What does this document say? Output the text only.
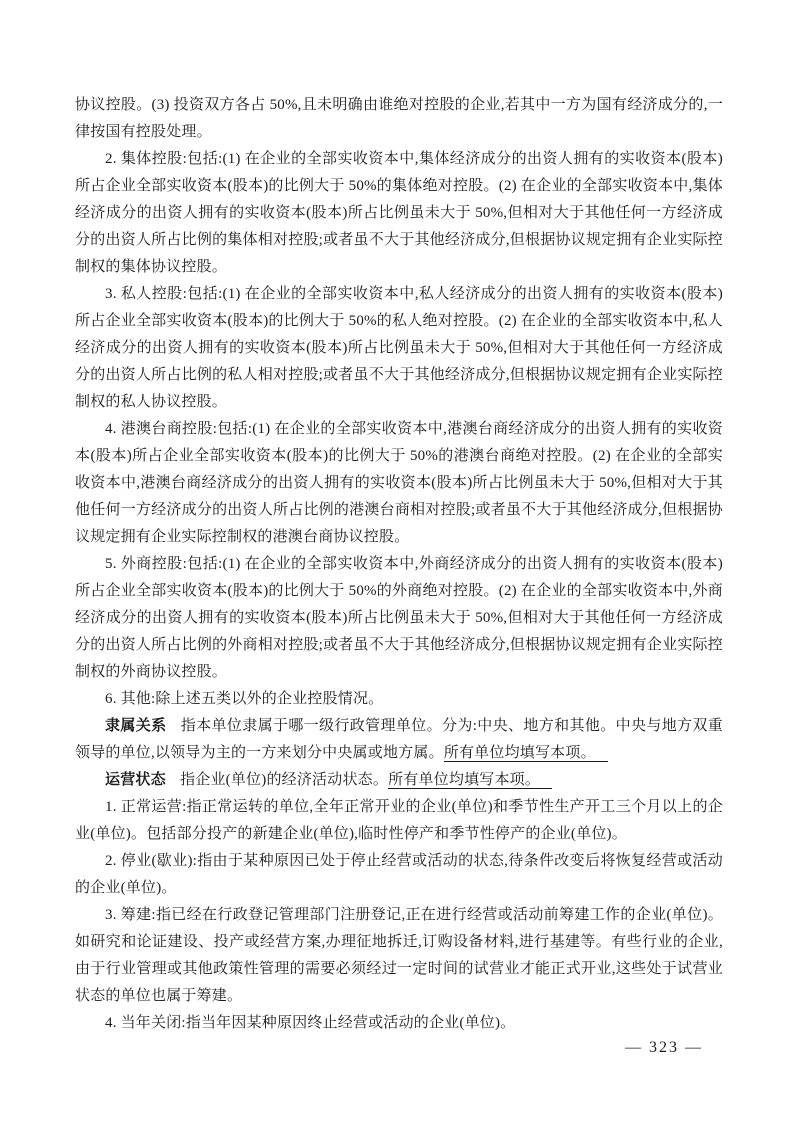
协议控股。(3) 投资双方各占 50%,且未明确由谁绝对控股的企业,若其中一方为国有经济成分的,一律按国有控股处理。

2. 集体控股:包括:(1) 在企业的全部实收资本中,集体经济成分的出资人拥有的实收资本(股本)所占企业全部实收资本(股本)的比例大于 50%的集体绝对控股。(2) 在企业的全部实收资本中,集体经济成分的出资人拥有的实收资本(股本)所占比例虽未大于 50%,但相对大于其他任何一方经济成分的出资人所占比例的集体相对控股;或者虽不大于其他经济成分,但根据协议规定拥有企业实际控制权的集体协议控股。

3. 私人控股:包括:(1) 在企业的全部实收资本中,私人经济成分的出资人拥有的实收资本(股本)所占企业全部实收资本(股本)的比例大于 50%的私人绝对控股。(2) 在企业的全部实收资本中,私人经济成分的出资人拥有的实收资本(股本)所占比例虽未大于 50%,但相对大于其他任何一方经济成分的出资人所占比例的私人相对控股;或者虽不大于其他经济成分,但根据协议规定拥有企业实际控制权的私人协议控股。

4. 港澳台商控股:包括:(1) 在企业的全部实收资本中,港澳台商经济成分的出资人拥有的实收资本(股本)所占企业全部实收资本(股本)的比例大于 50%的港澳台商绝对控股。(2) 在企业的全部实收资本中,港澳台商经济成分的出资人拥有的实收资本(股本)所占比例虽未大于 50%,但相对大于其他任何一方经济成分的出资人所占比例的港澳台商相对控股;或者虽不大于其他经济成分,但根据协议规定拥有企业实际控制权的港澳台商协议控股。

5. 外商控股:包括:(1) 在企业的全部实收资本中,外商经济成分的出资人拥有的实收资本(股本)所占企业全部实收资本(股本)的比例大于 50%的外商绝对控股。(2) 在企业的全部实收资本中,外商经济成分的出资人拥有的实收资本(股本)所占比例虽未大于 50%,但相对大于其他任何一方经济成分的出资人所占比例的外商相对控股;或者虽不大于其他经济成分,但根据协议规定拥有企业实际控制权的外商协议控股。

6. 其他:除上述五类以外的企业控股情况。

隶属关系 指本单位隶属于哪一级行政管理单位。分为:中央、地方和其他。中央与地方双重领导的单位,以领导为主的一方来划分中央属或地方属。所有单位均填写本项。

运营状态 指企业(单位)的经济活动状态。所有单位均填写本项。

1. 正常运营:指正常运转的单位,全年正常开业的企业(单位)和季节性生产开工三个月以上的企业(单位)。包括部分投产的新建企业(单位),临时性停产和季节性停产的企业(单位)。

2. 停业(歇业):指由于某种原因已处于停止经营或活动的状态,待条件改变后将恢复经营或活动的企业(单位)。

3. 筹建:指已经在行政登记管理部门注册登记,正在进行经营或活动前筹建工作的企业(单位)。如研究和论证建设、投产或经营方案,办理征地拆迁,订购设备材料,进行基建等。有些行业的企业,由于行业管理或其他政策性管理的需要必须经过一定时间的试营业才能正式开业,这些处于试营业状态的单位也属于筹建。

4. 当年关闭:指当年因某种原因终止经营或活动的企业(单位)。

— 323 —
